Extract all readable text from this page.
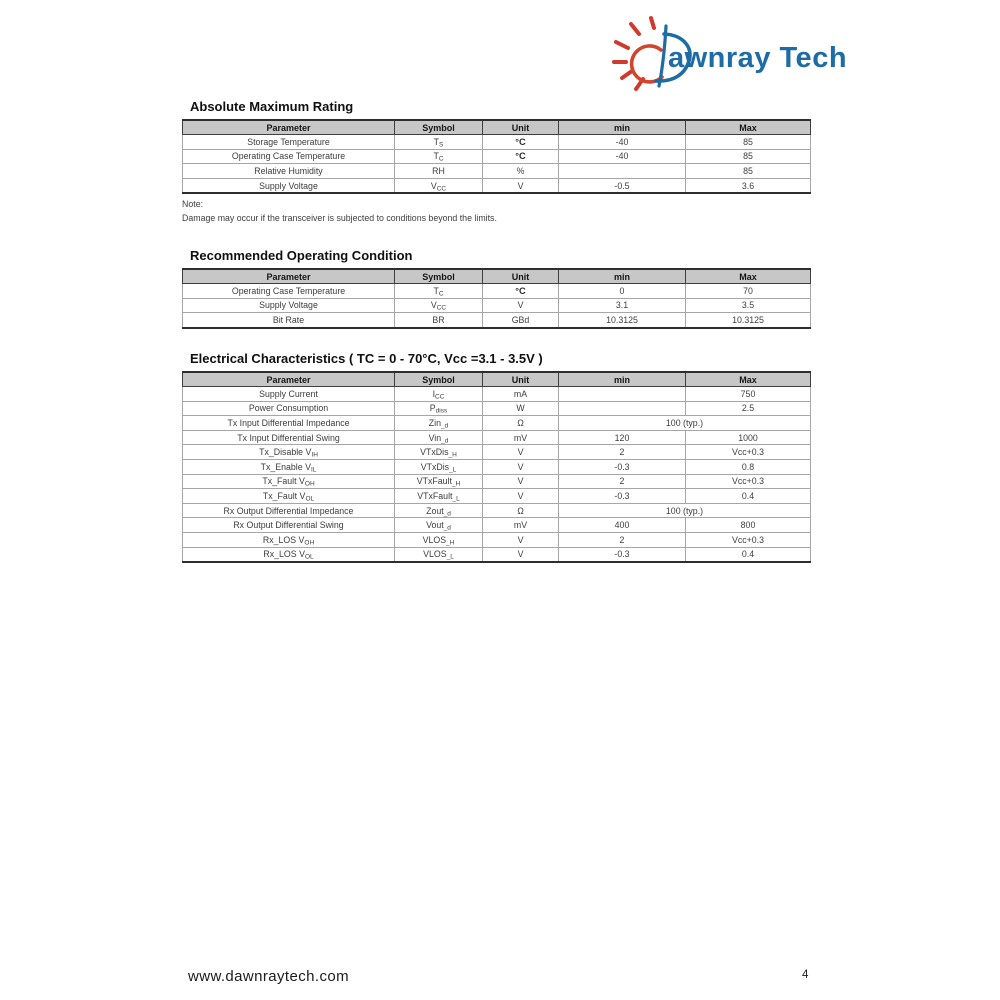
awnray Tech
Absolute Maximum Rating
Parameter	Symbol	Unit	min	Max
Storage Temperature	$T_S$	°C	-40	85
Operating Case Temperature	$T_C$	°C	-40	85
Relative Humidity	RH	%		85
Supply Voltage	$V_{CC}$	V	-0.5	3.6
Note:
Damage may occur if the transceiver is subjected to conditions beyond the limits.
Recommended Operating Condition
Parameter	Symbol	Unit	min	Max
Operating Case Temperature	$T_C$	°C	0	70
Supply Voltage	$V_{CC}$	V	3.1	3.5
Bit Rate	BR	GBd	10.3125	10.3125
Electrical Characteristics ( TC = 0 - 70°C, Vcc =3.1 - 3.5V )
Parameter	Symbol	Unit	min	Max
Supply Current	$I_{CC}$	mA		750
Power Consumption	$P_{diss}$	W		2.5
Tx Input Differential Impedance	Zin$_{\_d}$	Ω	100 (typ.)	
Tx Input Differential Swing	Vin$_{\_d}$	mV	120	1000
Tx_Disable $V_{IH}$	VTxDis$_{\_H}$	V	2	Vcc+0.3
Tx_Enable $V_{IL}$	VTxDis$_{\_L}$	V	-0.3	0.8
Tx_Fault $V_{OH}$	VTxFault$_{\_H}$	V	2	Vcc+0.3
Tx_Fault $V_{OL}$	VTxFault$_{\_L}$	V	-0.3	0.4
Rx Output Differential Impedance	Zout$_{\_d}$	Ω	100 (typ.)	
Rx Output Differential Swing	Vout$_{\_d}$	mV	400	800
Rx_LOS $V_{OH}$	$VLOS_{\_H}$	V	2	Vcc+0.3
Rx_LOS $V_{OL}$	$VLOS_{\_L}$	V	-0.3	0.4
www.dawnraytech.com	4
